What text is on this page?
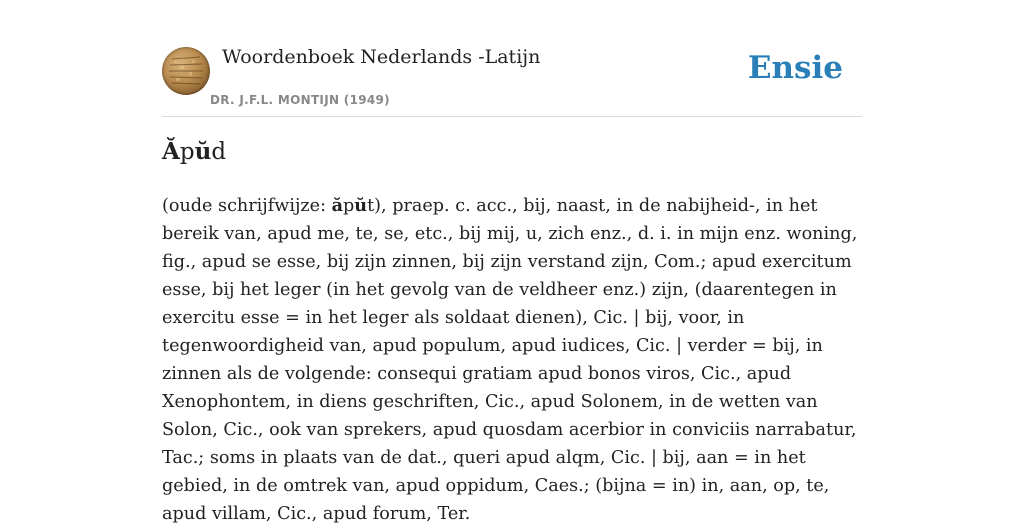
Woordenboek Nederlands -Latijn
DR. J.F.L. MONTIJN (1949)
Ensie
Ăpŭd
(oude schrijfwijze: ăpŭt), praep. c. acc., bij, naast, in de nabijheid-, in het bereik van, apud me, te, se, etc., bij mij, u, zich enz., d. i. in mijn enz. woning, fig., apud se esse, bij zijn zinnen, bij zijn verstand zijn, Com.; apud exercitum esse, bij het leger (in het gevolg van de veldheer enz.) zijn, (daarentegen in exercitu esse = in het leger als soldaat dienen), Cic. | bij, voor, in tegenwoordigheid van, apud populum, apud iudices, Cic. | verder = bij, in zinnen als de volgende: consequi gratiam apud bonos viros, Cic., apud Xenophontem, in diens geschriften, Cic., apud Solonem, in de wetten van Solon, Cic., ook van sprekers, apud quosdam acerbior in conviciis narrabatur, Tac.; soms in plaats van de dat., queri apud alqm, Cic. | bij, aan = in het gebied, in de omtrek van, apud oppidum, Caes.; (bijna = in) in, aan, op, te, apud villam, Cic., apud forum, Ter.
